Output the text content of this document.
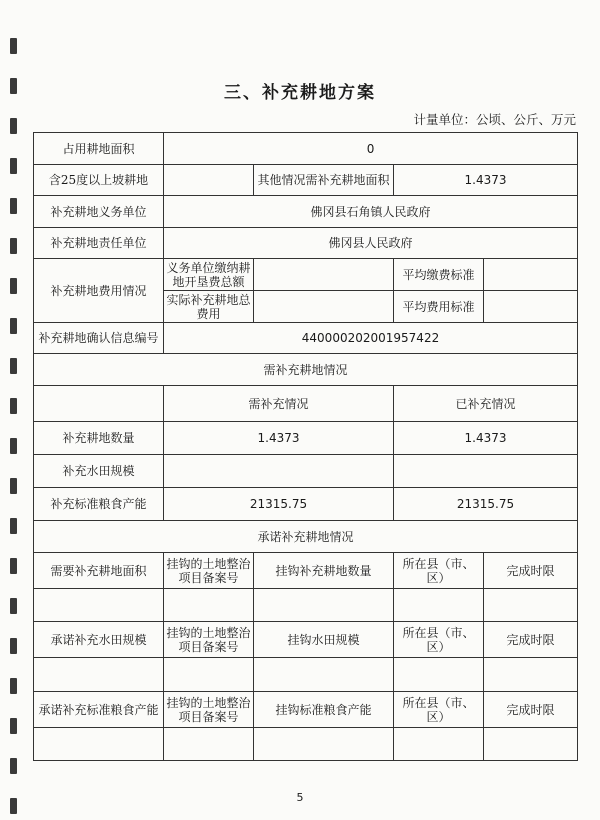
三、补充耕地方案
计量单位：公顷、公斤、万元
占用耕地面积	0			
含25度以上坡耕地		其他情况需补充耕地面积	1.4373	
补充耕地义务单位	佛冈县石角镇人民政府			
补充耕地责任单位	佛冈县人民政府			
补充耕地费用情况	义务单位缴纳耕地开垦费总额		平均缴费标准	
	实际补充耕地总费用		平均费用标准	
补充耕地确认信息编号	440000202001957422			
需补充耕地情况				
	需补充情况		已补充情况	
补充耕地数量	1.4373		1.4373	
补充水田规模				
补充标准粮食产能	21315.75		21315.75	
承诺补充耕地情况				
需要补充耕地面积	挂钩的土地整治项目备案号	挂钩补充耕地数量	所在县（市、区）	完成时限

承诺补充水田规模	挂钩的土地整治项目备案号	挂钩水田规模	所在县（市、区）	完成时限

承诺补充标准粮食产能	挂钩的土地整治项目备案号	挂钩标准粮食产能	所在县（市、区）	完成时限

5
